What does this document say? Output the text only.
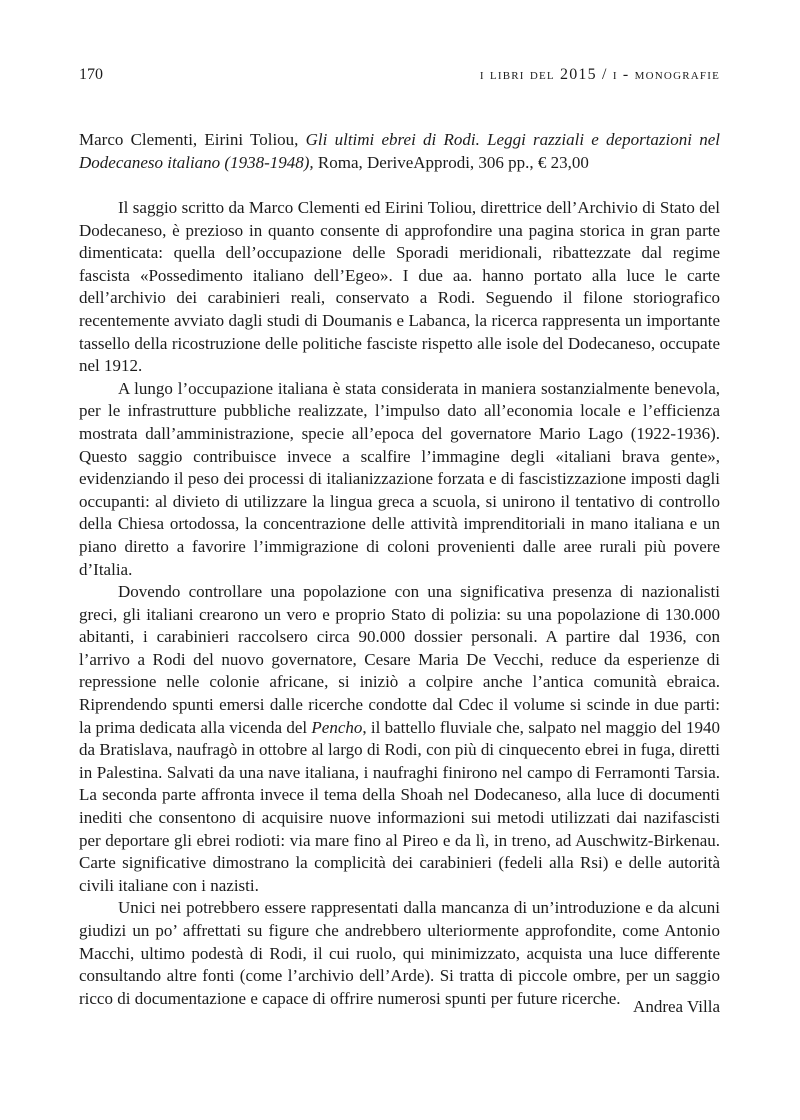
170	i libri del 2015 / i - monografie
Marco Clementi, Eirini Toliou, Gli ultimi ebrei di Rodi. Leggi razziali e deportazioni nel Dodecaneso italiano (1938-1948), Roma, DeriveApprodi, 306 pp., € 23,00

Il saggio scritto da Marco Clementi ed Eirini Toliou, direttrice dell’Archivio di Stato del Dodecaneso, è prezioso in quanto consente di approfondire una pagina storica in gran parte dimenticata: quella dell’occupazione delle Sporadi meridionali, ribattezzate dal regime fascista «Possedimento italiano dell’Egeo». I due aa. hanno portato alla luce le carte dell’archivio dei carabinieri reali, conservato a Rodi. Seguendo il filone storiografico recentemente avviato dagli studi di Doumanis e Labanca, la ricerca rappresenta un importante tassello della ricostruzione delle politiche fasciste rispetto alle isole del Dodecaneso, occupate nel 1912.

A lungo l’occupazione italiana è stata considerata in maniera sostanzialmente benevola, per le infrastrutture pubbliche realizzate, l’impulso dato all’economia locale e l’efficienza mostrata dall’amministrazione, specie all’epoca del governatore Mario Lago (1922-1936). Questo saggio contribuisce invece a scalfire l’immagine degli «italiani brava gente», evidenziando il peso dei processi di italianizzazione forzata e di fascistizzazione imposti dagli occupanti: al divieto di utilizzare la lingua greca a scuola, si unirono il tentativo di controllo della Chiesa ortodossa, la concentrazione delle attività imprenditoriali in mano italiana e un piano diretto a favorire l’immigrazione di coloni provenienti dalle aree rurali più povere d’Italia.

Dovendo controllare una popolazione con una significativa presenza di nazionalisti greci, gli italiani crearono un vero e proprio Stato di polizia: su una popolazione di 130.000 abitanti, i carabinieri raccolsero circa 90.000 dossier personali. A partire dal 1936, con l’arrivo a Rodi del nuovo governatore, Cesare Maria De Vecchi, reduce da esperienze di repressione nelle colonie africane, si iniziò a colpire anche l’antica comunità ebraica. Riprendendo spunti emersi dalle ricerche condotte dal Cdec il volume si scinde in due parti: la prima dedicata alla vicenda del Pencho, il battello fluviale che, salpato nel maggio del 1940 da Bratislava, naufragò in ottobre al largo di Rodi, con più di cinquecento ebrei in fuga, diretti in Palestina. Salvati da una nave italiana, i naufraghi finirono nel campo di Ferramonti Tarsia. La seconda parte affronta invece il tema della Shoah nel Dodecaneso, alla luce di documenti inediti che consentono di acquisire nuove informazioni sui metodi utilizzati dai nazifascisti per deportare gli ebrei rodioti: via mare fino al Pireo e da lì, in treno, ad Auschwitz-Birkenau. Carte significative dimostrano la complicità dei carabinieri (fedeli alla Rsi) e delle autorità civili italiane con i nazisti.

Unici nei potrebbero essere rappresentati dalla mancanza di un’introduzione e da alcuni giudizi un po’ affrettati su figure che andrebbero ulteriormente approfondite, come Antonio Macchi, ultimo podestà di Rodi, il cui ruolo, qui minimizzato, acquista una luce differente consultando altre fonti (come l’archivio dell’Arde). Si tratta di piccole ombre, per un saggio ricco di documentazione e capace di offrire numerosi spunti per future ricerche. Andrea Villa
